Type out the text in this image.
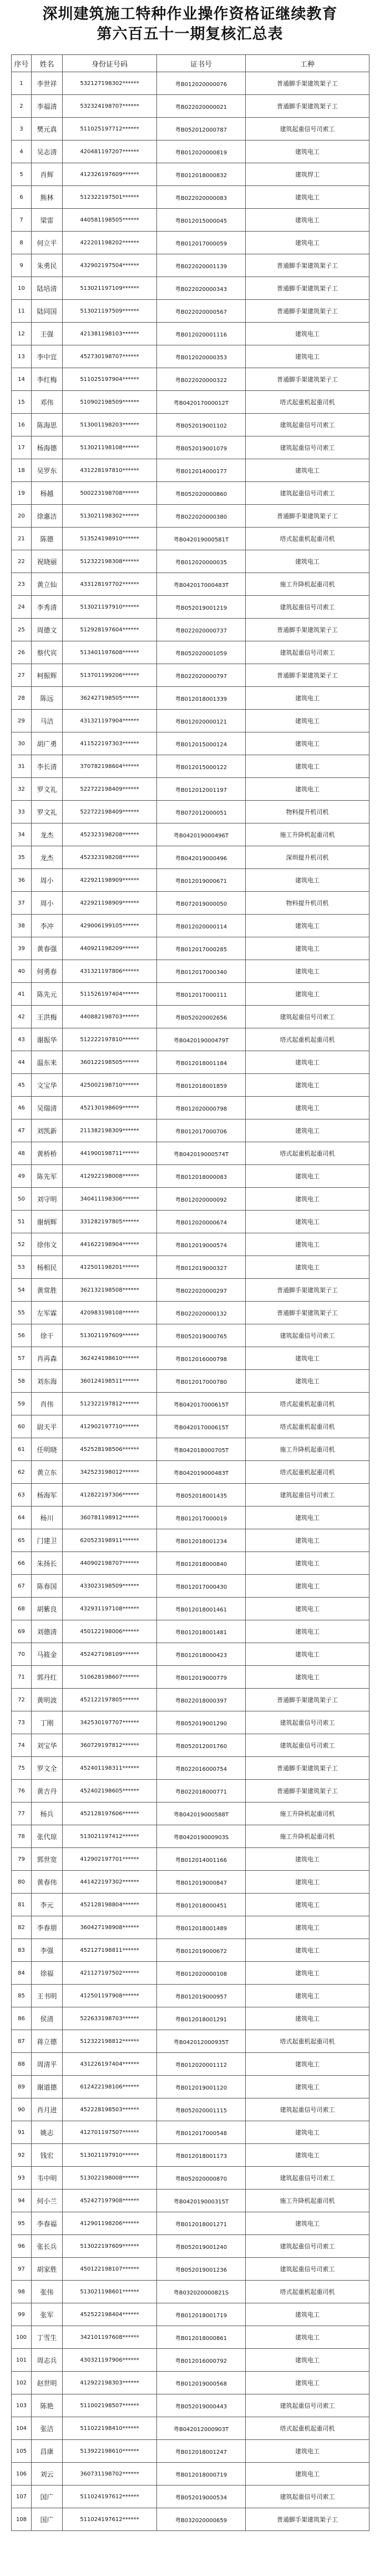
深圳建筑施工特种作业操作资格证继续教育
第六百五十一期复核汇总表
序号	姓名	身份证号码	证书号	工种
1	李世祥	532127198302******	粤B012020000076	普通脚手架建筑架子工
2	李福清	532324198707******	粤B022020000021	普通脚手架建筑架子工
3	樊元真	511025197712******	粤B052012000787	建筑起重信号司索工
4	吴志清	420481197207******	粤B012020000819	建筑电工
5	肖辉	412326197609******	粤B012018000832	建筑焊工
6	熊林	512322197501******	粤B022020000083	建筑电工
7	梁雷	440581198505******	粤B012015000045	建筑电工
8	何立平	422201198202******	粤B012017000059	建筑电工
9	朱勇民	432902197504******	粤B022020001139	普通脚手架建筑架子工
10	陆培清	513021197109******	粤B022020000343	普通脚手架建筑架子工
11	陆同国	513021197509******	粤B022020000567	普通脚手架建筑架子工
12	王强	421381198103******	粤B012020001116	建筑电工
13	李中宜	452730198707******	粤B012020000353	建筑电工
14	李红梅	511025197904******	粤B022020000322	普通脚手架建筑架子工
15	邓伟	510902198509******	粤B042017000012T	塔式起重机起重司机
16	陈海思	513001198203******	粤B052019001102	建筑起重信号司索工
17	杨海德	513021198108******	粤B052019001079	建筑起重信号司索工
18	吴罗东	431228197810******	粤B012014000177	建筑电工
19	杨越	500223198708******	粤B052020000860	建筑起重信号司索工
20	徐惠洁	513021198302******	粤B022020000380	普通脚手架建筑架子工
21	陈德	513524198910******	粤B042019000581T	塔式起重机起重司机
22	祝晓丽	512322198308******	粤B012020000035	建筑电工
23	黄立仙	433128197702******	粤B042017000483T	施工升降机起重司机
24	李秀清	513021197910******	粤B052019001219	建筑起重信号司索工
25	周德文	512928197604******	粤B022020000737	普通脚手架建筑架子工
26	蔡代宾	513401197608******	粤B052020001059	建筑起重信号司索工
27	柯振辉	513701199206******	粤B022020000797	普通脚手架建筑架子工
28	陈远	362427198505******	粤B012018001339	建筑电工
29	马洁	431321197904******	粤B012020000121	建筑电工
30	胡广勇	411522197303******	粤B012015000124	建筑电工
31	李长清	370782198604******	粤B012015000122	建筑电工
32	罗文礼	522722198409******	粤B012012001197	建筑电工
33	罗文礼	522722198409******	粤B072012000051	物料提升机司机
34	龙杰	452323198208******	粤B042019000496T	施工升降机起重司机
35	龙杰	452323198208******	粤B042019000496	深圳提升机司机
36	周小	422921198909******	粤B012019000671	建筑电工
37	周小	422921198909******	粤B072019000050	物料提升机司机
38	李冲	429006199105******	粤B012020000114	建筑电工
39	黄春强	440921198209******	粤B012017000285	建筑电工
40	何勇春	431321197806******	粤B012017000340	建筑电工
41	陈先元	511526197404******	粤B012017000111	建筑电工
42	王洪梅	440882198703******	粤B052020002656	建筑起重信号司索工
43	谢振华	512222197810******	粤B042019000479T	塔式起重机起重司机
44	温东来	360122198505******	粤B012018001184	建筑电工
45	文宝华	425002198710******	粤B012018001859	建筑电工
46	吴瑞清	452130198609******	粤B012020000798	建筑电工
47	刘凯新	211382198309******	粤B012017000706	建筑电工
48	黄桥桥	441900198711******	粤B042019000574T	塔式起重机起重司机
49	陈先军	412922198008******	粤B012018000083	建筑电工
50	刘守明	340411198306******	粤B012020000092	建筑电工
51	谢炳辉	331282197805******	粤B012020000674	建筑电工
52	徐伟文	441622198904******	粤B012019000574	建筑电工
53	杨相民	412501198201******	粤B012019000327	建筑电工
54	黄常胜	362132198508******	粤B022020000297	普通脚手架建筑架子工
55	左军霖	420983198108******	粤B022020000132	普通脚手架建筑架子工
56	徐干	513021197609******	粤B052019000765	建筑起重信号司索工
57	肖再森	362424198610******	粤B012016000798	建筑电工
58	刘东海	360124198511******	粤B012017000780	建筑电工
59	肖伟	512322197812******	粤B042017000615T	塔式起重机起重司机
60	尉天平	412902197710******	粤B042017000615T	塔式起重机起重司机
61	任明晓	452528198506******	粤B042018000705T	施工升降机起重司机
62	黄立东	342523198012******	粤B042019000483T	塔式起重机起重司机
63	杨海军	412822197306******	粤B052018001435	建筑起重信号司索工
64	杨川	360781198912******	粤B012017000019	建筑电工
65	门建卫	620523198911******	粤B012018001234	建筑电工
66	朱扬长	440902198707******	粤B012018000840	建筑电工
67	陈春国	433023198509******	粤B012017000430	建筑电工
68	胡紫良	432931197108******	粤B012018001461	建筑电工
69	刘德清	450122198006******	粤B012018001481	建筑电工
70	马筱金	452427198109******	粤B012018000423	建筑电工
71	郭丹红	510628198607******	粤B012019000779	建筑电工
72	黄明波	452122197805******	粤B022018000397	普通脚手架建筑架子工
73	丁刚	342530197707******	粤B052019001290	建筑起重信号司索工
74	刘宝华	360729197812******	粤B052012001760	建筑起重信号司索工
75	罗文全	452401198311******	粤B022016000754	普通脚手架建筑架子工
76	黄吉丹	452402198605******	粤B022018000771	普通脚手架建筑架子工
77	杨兵	452128197606******	粤B042019000588T	施工升降机起重司机
78	张代琼	513021197412******	粤B042019000903S	施工升降机起重司机
79	郭世宽	412902197701******	粤B012014001166	建筑电工
80	黄春伟	441422197302******	粤B012019000847	建筑电工
81	李元	452128198804******	粤B012018000451	建筑电工
82	李春朋	360427198908******	粤B012018001489	建筑电工
83	李强	452127198811******	粤B012019000672	建筑电工
84	徐福	421127197502******	粤B012020000108	建筑电工
85	王书明	412501197908******	粤B012019000957	建筑电工
86	侯清	522633198703******	粤B012018001291	建筑电工
87	蒋立德	512322198812******	粤B042012000935T	塔式起重机起重司机
88	周清平	431226197404******	粤B012020001112	建筑电工
89	谢道德	612422198106******	粤B012019001120	建筑电工
90	肖月进	452228198503******	粤B052020001115	建筑起重信号司索工
91	姚志	412701197507******	粤B012017000548	建筑电工
92	钱宏	513021197910******	粤B012018001173	建筑电工
93	韦中明	513022198008******	粤B052020000870	建筑起重信号司索工
94	何小兰	452427197908******	粤B042019000315T	施工升降机起重司机
95	李春福	412901198206******	粤B012018001271	建筑电工
96	张长兵	513022197609******	粤B052019001240	建筑起重信号司索工
97	胡家胜	450122198107******	粤B052019001236	建筑起重信号司索工
98	张伟	513021198601******	粤B032020000821S	塔式起重机起重司机
99	张军	452522198404******	粤B012018001719	建筑电工
100	丁雪生	342101197608******	粤B012018000861	建筑电工
101	周志兵	430321197906******	粤B012016000792	建筑电工
102	赵世明	412922198303******	粤B012019000568	建筑电工
103	陈艳	511002198507******	粤B052019000443	建筑起重信号司索工
104	张洁	511022198410******	粤B042012000903T	塔式起重机起重司机
105	昌康	513922198610******	粤B012018001247	建筑电工
106	刘云	360731198702******	粤B012018000719	建筑电工
107	国广	511024197612******	粤B052019000534	建筑起重信号司索工
108	国广	511024197612******	粤B032020000659	普通脚手架建筑架子工
